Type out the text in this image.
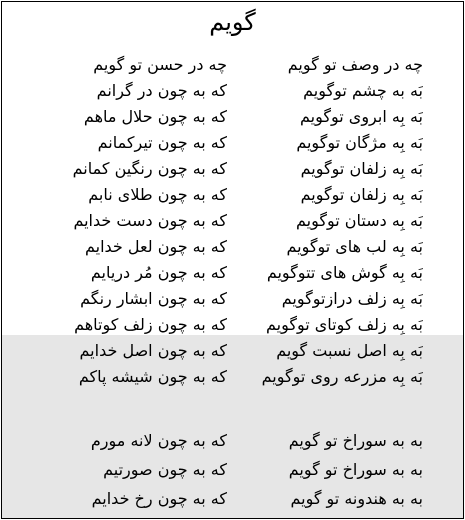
گویم
چه در وصف تو گویم
چه در حسن تو گویم
بَه به چشم توگویم
که به چون در گرانم
بَه بِه ابروی توگویم
که به چون حلال ماهم
بَه بِه مژگان توگویم
که به چون تیرکمانم
بَه بِه زلفان توگویم
که به چون رنگین کمانم
بَه بِه زلفان توگویم
که به چون طلای نابم
بَه بِه دستان توگویم
که به چون دست خدایم
بَه بِه لب های توگویم
که به چون لعل خدایم
بَه بِه گوش های تتوگویم
که به چون مُر دریایم
بَه بِه زلف درازتوگویم
که به چون ابشار رنگم
بَه بِه زلف کوتای توگویم
که به چون زلف کوتاهم
بَه بِه اصل نسبت گویم
که به چون اصل خدایم
بَه بِه مزرعه روی توگویم
که به چون شیشه پاکم
به به سوراخ تو گویم
که به چون لانه مورم
به به سوراخ تو گویم
که به چون صورتیم
به به هندونه تو گویم
که به چون رخ خدایم
